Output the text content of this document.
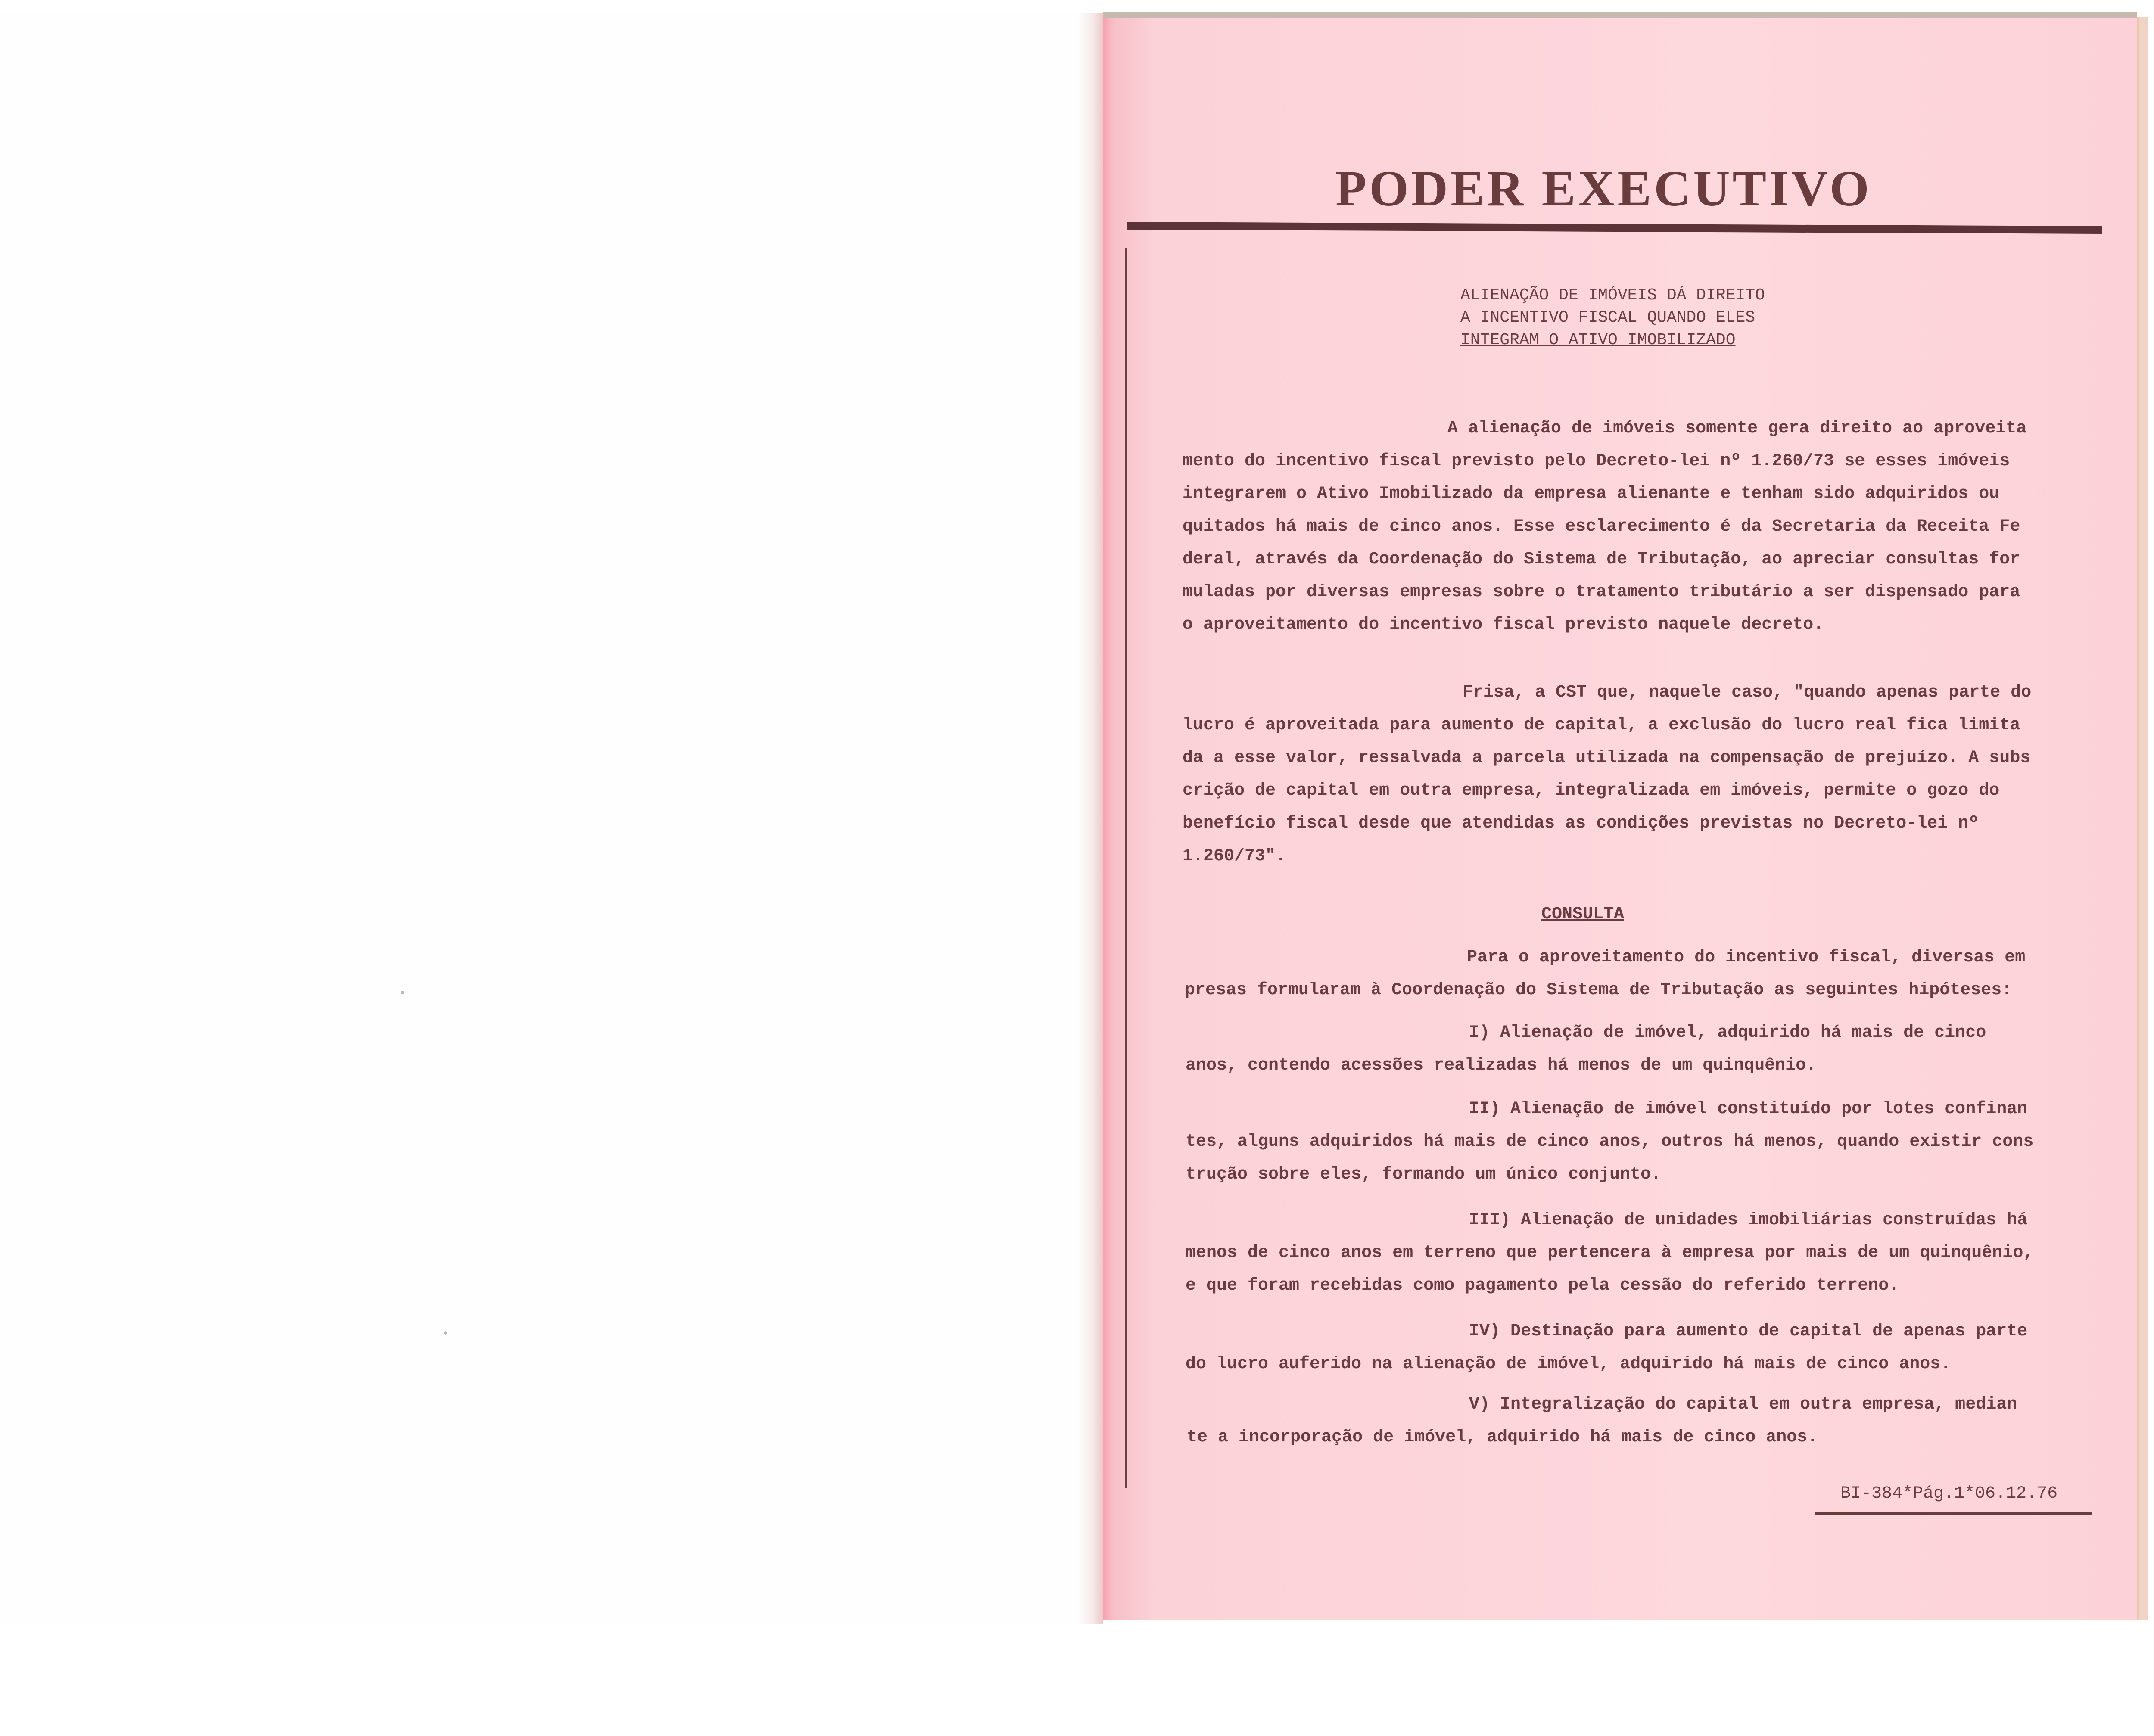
PODER EXECUTIVO
ALIENAÇÃO DE IMÓVEIS DÁ DIREITO
A INCENTIVO FISCAL QUANDO ELES
INTEGRAM O ATIVO IMOBILIZADO
A alienação de imóveis somente gera direito ao aproveita
mento do incentivo fiscal previsto pelo Decreto-lei nº 1.260/73 se esses imóveis
integrarem o Ativo Imobilizado da empresa alienante e tenham sido adquiridos ou
quitados há mais de cinco anos. Esse esclarecimento é da Secretaria da Receita Fe
deral, através da Coordenação do Sistema de Tributação, ao apreciar consultas for
muladas por diversas empresas sobre o tratamento tributário a ser dispensado para
o aproveitamento do incentivo fiscal previsto naquele decreto.
Frisa, a CST que, naquele caso, "quando apenas parte do
lucro é aproveitada para aumento de capital, a exclusão do lucro real fica limita
da a esse valor, ressalvada a parcela utilizada na compensação de prejuízo. A subs
crição de capital em outra empresa, integralizada em imóveis, permite o gozo do
benefício fiscal desde que atendidas as condições previstas no Decreto-lei nº
1.260/73".
CONSULTA
Para o aproveitamento do incentivo fiscal, diversas em
presas formularam à Coordenação do Sistema de Tributação as seguintes hipóteses:
I) Alienação de imóvel, adquirido há mais de cinco
anos, contendo acessões realizadas há menos de um quinquênio.
II) Alienação de imóvel constituído por lotes confinan
tes, alguns adquiridos há mais de cinco anos, outros há menos, quando existir cons
trução sobre eles, formando um único conjunto.
III) Alienação de unidades imobiliárias construídas há
menos de cinco anos em terreno que pertencera à empresa por mais de um quinquênio,
e que foram recebidas como pagamento pela cessão do referido terreno.
IV) Destinação para aumento de capital de apenas parte
do lucro auferido na alienação de imóvel, adquirido há mais de cinco anos.
V) Integralização do capital em outra empresa, median
te a incorporação de imóvel, adquirido há mais de cinco anos.
BI-384*Pág.1*06.12.76
